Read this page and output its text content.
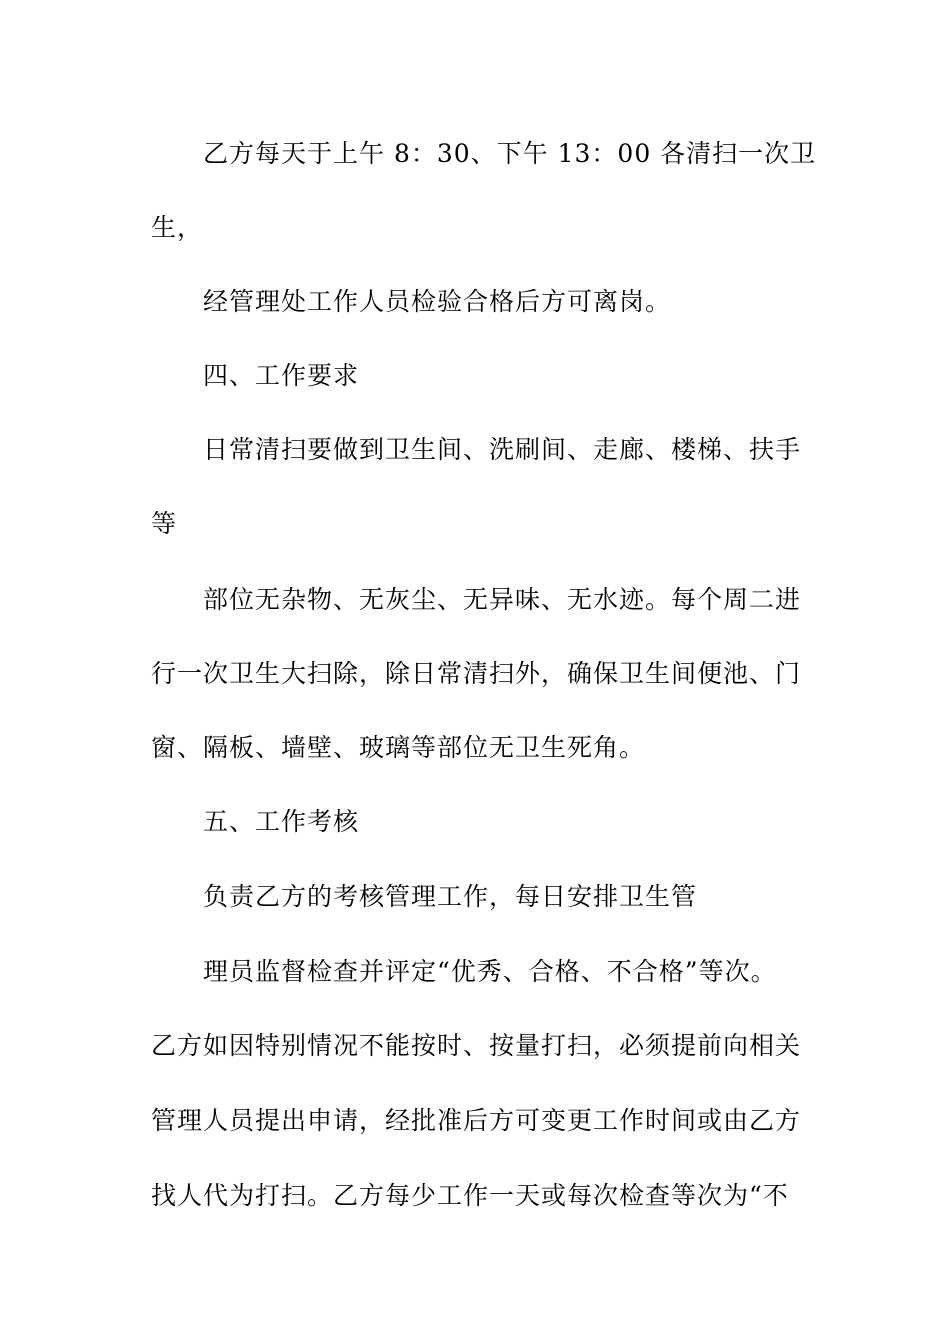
乙方每天于上午 8：30、下午 13：00 各清扫一次卫
生，
经管理处工作人员检验合格后方可离岗。
四、工作要求
日常清扫要做到卫生间、洗刷间、走廊、楼梯、扶手
等
部位无杂物、无灰尘、无异味、无水迹。每个周二进
行一次卫生大扫除，除日常清扫外，确保卫生间便池、门
窗、隔板、墙壁、玻璃等部位无卫生死角。
五、工作考核
负责乙方的考核管理工作，每日安排卫生管
理员监督检查并评定“优秀、合格、不合格”等次。
乙方如因特别情况不能按时、按量打扫，必须提前向相关
管理人员提出申请，经批准后方可变更工作时间或由乙方
找人代为打扫。乙方每少工作一天或每次检查等次为“不
